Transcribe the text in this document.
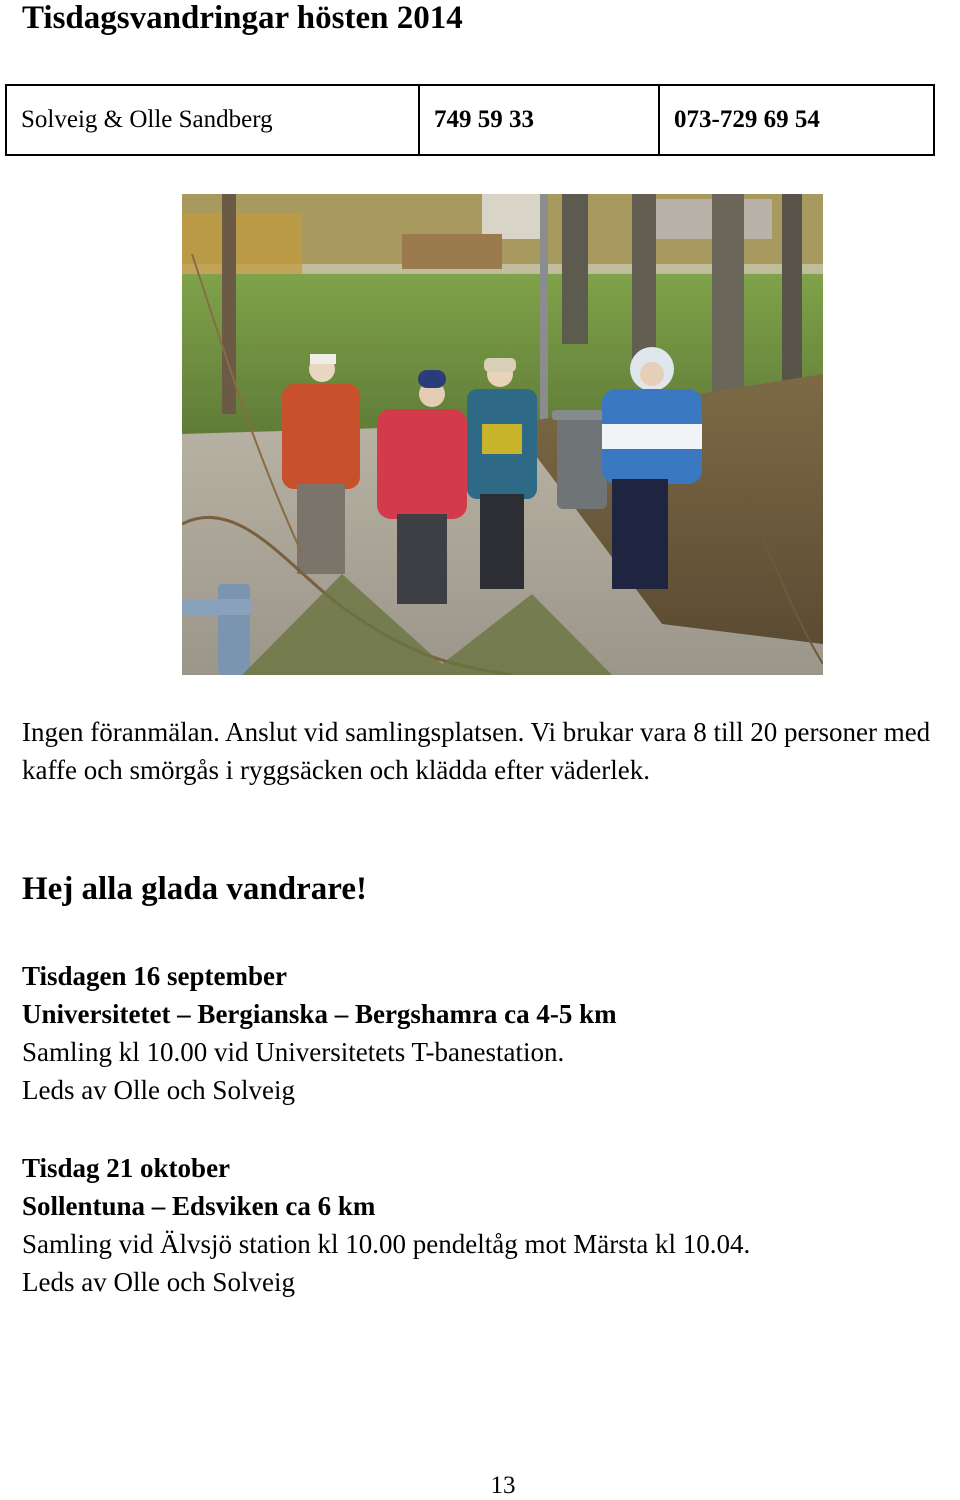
Tisdagsvandringar hösten 2014
Solveig & Olle Sandberg	749 59 33	073-729 69 54

Ingen föranmälan. Anslut vid samlingsplatsen. Vi brukar vara 8 till 20 personer med kaffe och smörgås i ryggsäcken och klädda efter väderlek.

Hej alla glada vandrare!
Tisdagen 16 september
Universitetet – Bergianska – Bergshamra ca 4-5 km
Samling kl 10.00 vid Universitetets T-banestation.
Leds av Olle och Solveig
Tisdag 21 oktober
Sollentuna – Edsviken ca 6 km
Samling vid Älvsjö station kl 10.00 pendeltåg mot Märsta kl 10.04.
Leds av Olle och Solveig

13
